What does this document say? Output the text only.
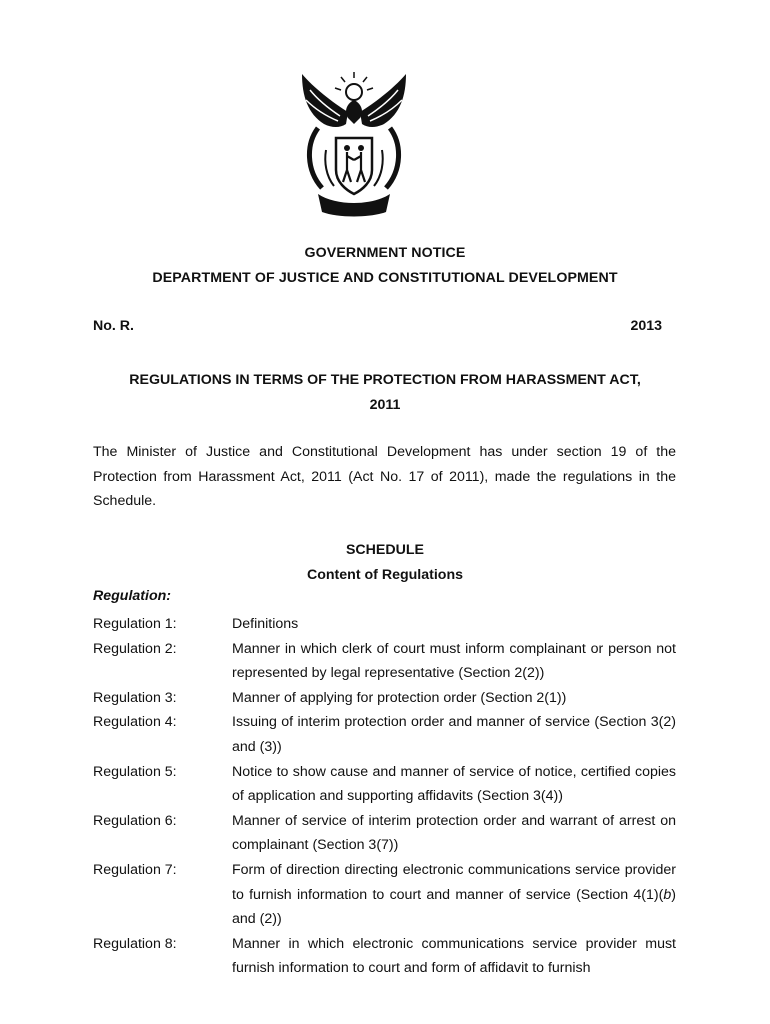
GOVERNMENT NOTICE
DEPARTMENT OF JUSTICE AND CONSTITUTIONAL DEVELOPMENT
No. R.	2013
REGULATIONS IN TERMS OF THE PROTECTION FROM HARASSMENT ACT,
2011
The Minister of Justice and Constitutional Development has under section 19 of the Protection from Harassment Act, 2011 (Act No. 17 of 2011), made the regulations in the Schedule.
SCHEDULE
Content of Regulations
Regulation:
Regulation 1:	Definitions
Regulation 2:	Manner in which clerk of court must inform complainant or person not represented by legal representative (Section 2(2))
Regulation 3:	Manner of applying for protection order (Section 2(1))
Regulation 4:	Issuing of interim protection order and manner of service (Section 3(2) and (3))
Regulation 5:	Notice to show cause and manner of service of notice, certified copies of application and supporting affidavits (Section 3(4))
Regulation 6:	Manner of service of interim protection order and warrant of arrest on complainant (Section 3(7))
Regulation 7:	Form of direction directing electronic communications service provider to furnish information to court and manner of service (Section 4(1)(b) and (2))
Regulation 8:	Manner in which electronic communications service provider must furnish information to court and form of affidavit to furnish
